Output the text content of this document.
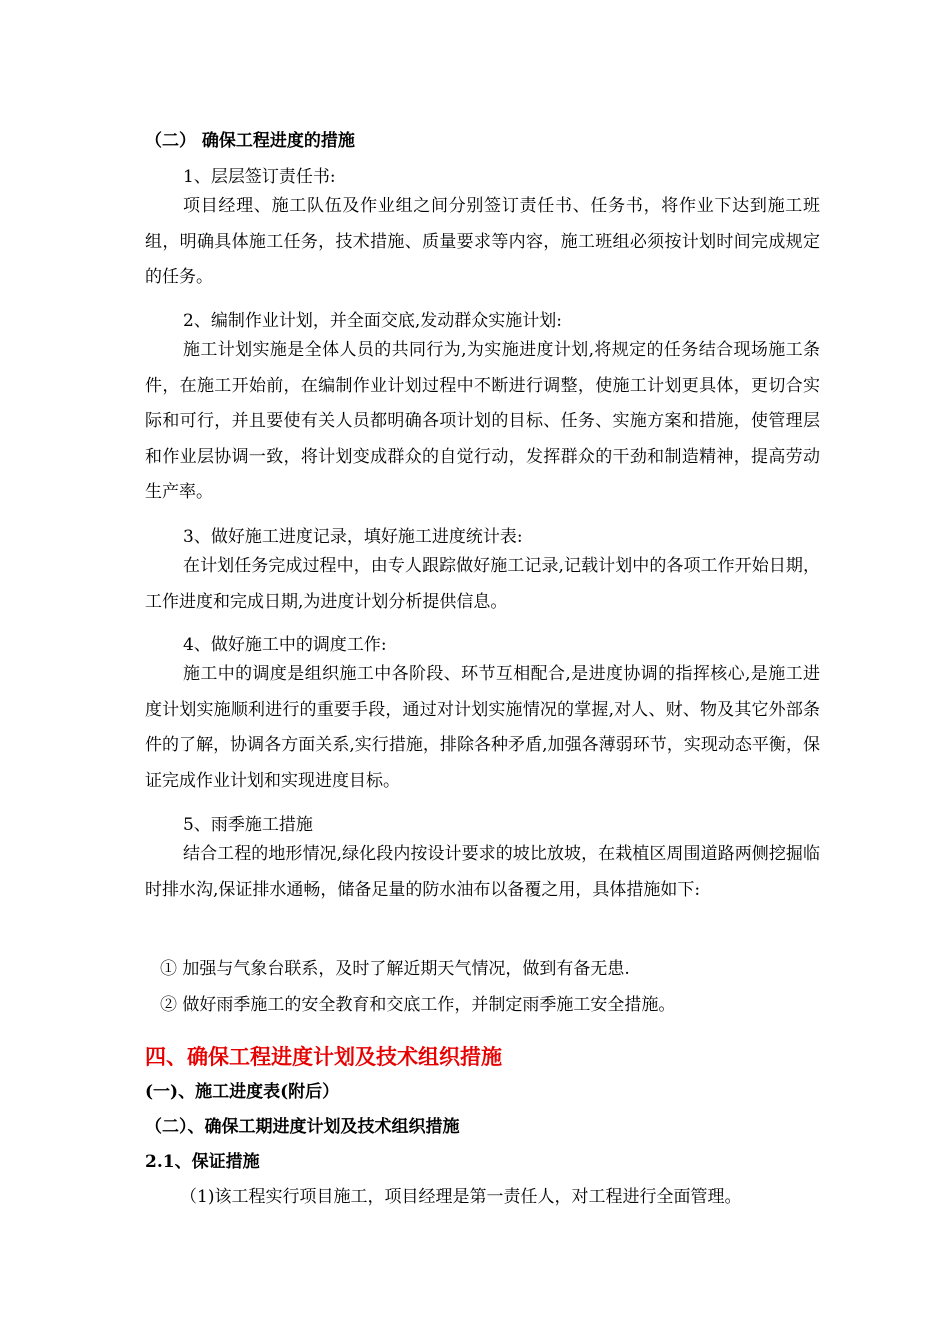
（二） 确保工程进度的措施
1、层层签订责任书:

项目经理、施工队伍及作业组之间分别签订责任书、任务书，将作业下达到施工班组，明确具体施工任务，技术措施、质量要求等内容，施工班组必须按计划时间完成规定的任务。

2、编制作业计划，并全面交底,发动群众实施计划:

施工计划实施是全体人员的共同行为,为实施进度计划,将规定的任务结合现场施工条件，在施工开始前，在编制作业计划过程中不断进行调整，使施工计划更具体，更切合实际和可行，并且要使有关人员都明确各项计划的目标、任务、实施方案和措施，使管理层和作业层协调一致，将计划变成群众的自觉行动，发挥群众的干劲和制造精神，提高劳动生产率。

3、做好施工进度记录，填好施工进度统计表:

在计划任务完成过程中，由专人跟踪做好施工记录,记载计划中的各项工作开始日期，工作进度和完成日期,为进度计划分析提供信息。

4、做好施工中的调度工作:

施工中的调度是组织施工中各阶段、环节互相配合,是进度协调的指挥核心,是施工进度计划实施顺利进行的重要手段，通过对计划实施情况的掌握,对人、财、物及其它外部条件的了解，协调各方面关系,实行措施，排除各种矛盾,加强各薄弱环节，实现动态平衡，保证完成作业计划和实现进度目标。

5、雨季施工措施

结合工程的地形情况,绿化段内按设计要求的坡比放坡，在栽植区周围道路两侧挖掘临时排水沟,保证排水通畅，储备足量的防水油布以备覆之用，具体措施如下:

① 加强与气象台联系，及时了解近期天气情况，做到有备无患.
② 做好雨季施工的安全教育和交底工作，并制定雨季施工安全措施。
四、确保工程进度计划及技术组织措施
(一)、施工进度表(附后）
（二）、确保工期进度计划及技术组织措施
2.1、保证措施
（1)该工程实行项目施工，项目经理是第一责任人，对工程进行全面管理。
